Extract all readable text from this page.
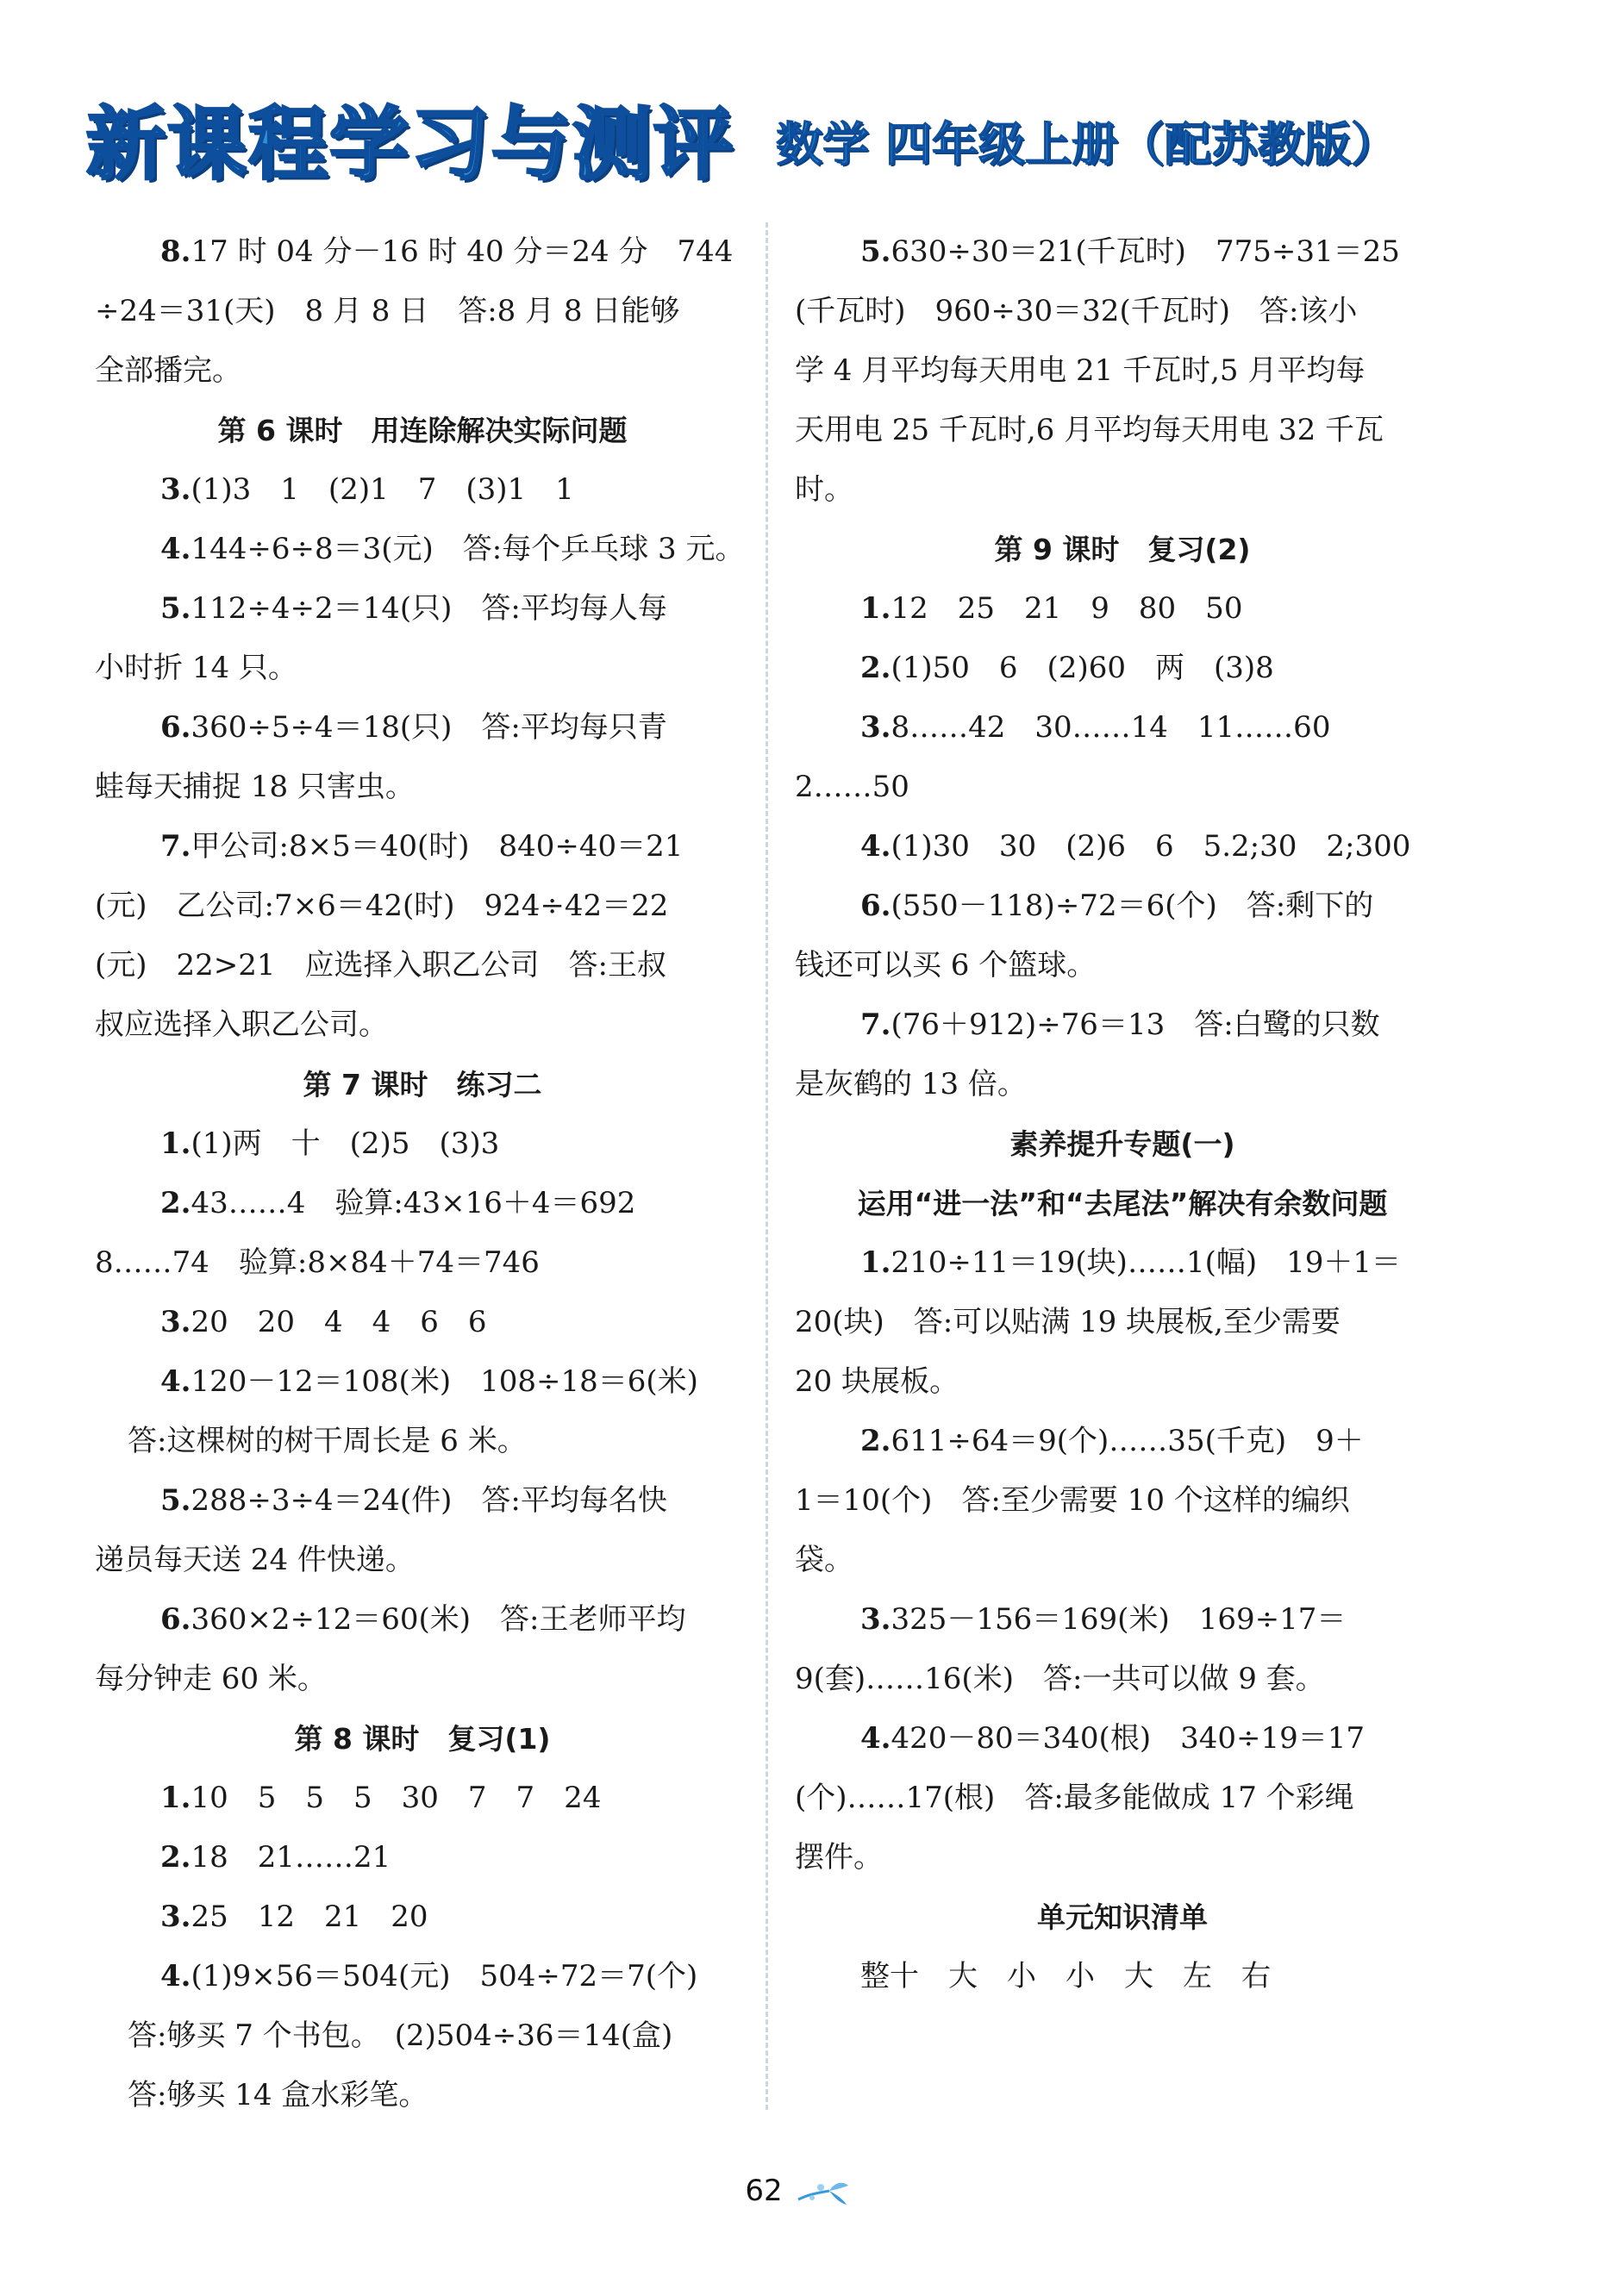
新课程学习与测评 数学 四年级上册（配苏教版）
8.17 时 04 分－16 时 40 分＝24 分　744
÷24＝31(天)　8 月 8 日　答:8 月 8 日能够
全部播完。
第 6 课时　用连除解决实际问题
3.(1)3　1　(2)1　7　(3)1　1
4.144÷6÷8＝3(元)　答:每个乒乓球 3 元。
5.112÷4÷2＝14(只)　答:平均每人每
小时折 14 只。
6.360÷5÷4＝18(只)　答:平均每只青
蛙每天捕捉 18 只害虫。
7.甲公司:8×5＝40(时)　840÷40＝21
(元)　乙公司:7×6＝42(时)　924÷42＝22
(元)　22>21　应选择入职乙公司　答:王叔
叔应选择入职乙公司。
第 7 课时　练习二
1.(1)两　十　(2)5　(3)3
2.43……4　验算:43×16＋4＝692
8……74　验算:8×84＋74＝746
3.20　20　4　4　6　6
4.120－12＝108(米)　108÷18＝6(米)
答:这棵树的树干周长是 6 米。
5.288÷3÷4＝24(件)　答:平均每名快
递员每天送 24 件快递。
6.360×2÷12＝60(米)　答:王老师平均
每分钟走 60 米。
第 8 课时　复习(1)
1.10　5　5　5　30　7　7　24
2.18　21……21
3.25　12　21　20
4.(1)9×56＝504(元)　504÷72＝7(个)
答:够买 7 个书包。　(2)504÷36＝14(盒)
答:够买 14 盒水彩笔。
5.630÷30＝21(千瓦时)　775÷31＝25
(千瓦时)　960÷30＝32(千瓦时)　答:该小
学 4 月平均每天用电 21 千瓦时,5 月平均每
天用电 25 千瓦时,6 月平均每天用电 32 千瓦
时。
第 9 课时　复习(2)
1.12　25　21　9　80　50
2.(1)50　6　(2)60　两　(3)8
3.8……42　30……14　11……60
2……50
4.(1)30　30　(2)6　6　5.2;30　2;300
6.(550－118)÷72＝6(个)　答:剩下的
钱还可以买 6 个篮球。
7.(76＋912)÷76＝13　答:白鹭的只数
是灰鹤的 13 倍。
素养提升专题(一)
运用“进一法”和“去尾法”解决有余数问题
1.210÷11＝19(块)……1(幅)　19＋1＝
20(块)　答:可以贴满 19 块展板,至少需要
20 块展板。
2.611÷64＝9(个)……35(千克)　9＋
1＝10(个)　答:至少需要 10 个这样的编织
袋。
3.325－156＝169(米)　169÷17＝
9(套)……16(米)　答:一共可以做 9 套。
4.420－80＝340(根)　340÷19＝17
(个)……17(根)　答:最多能做成 17 个彩绳
摆件。
单元知识清单
整十　大　小　小　大　左　右
62
